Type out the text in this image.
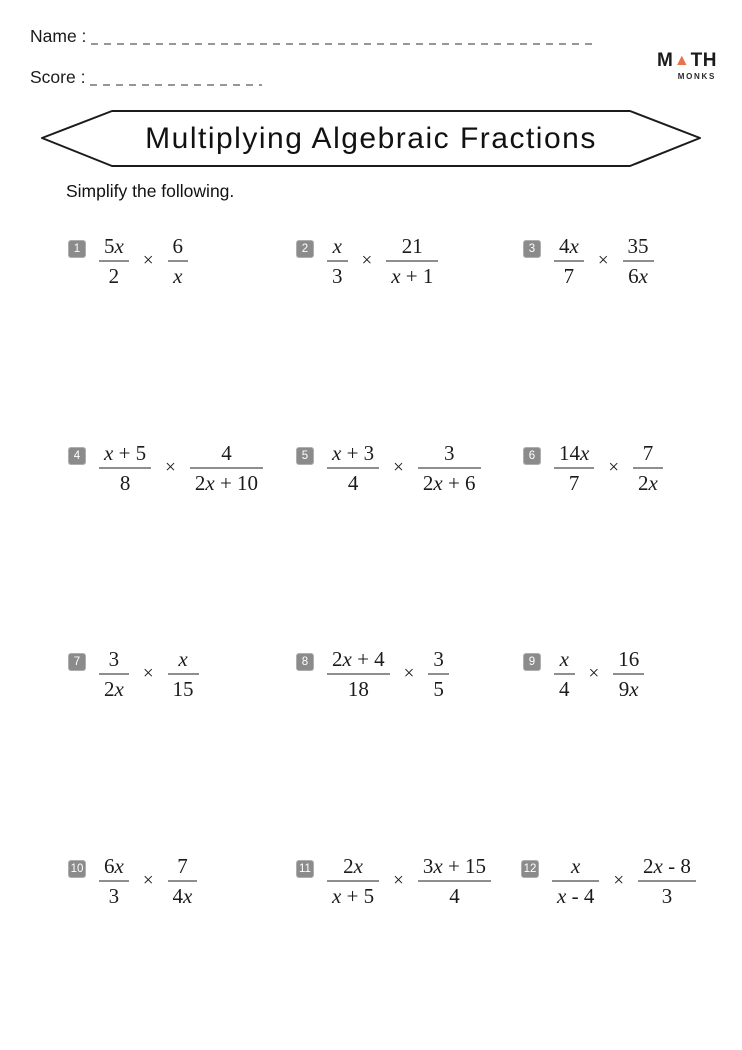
Name :
Score :
M ▲ TH
MONKS
Multiplying Algebraic Fractions
Simplify the following.
$1 \frac{5x}{2} \times \frac{6}{x}$	$2 \frac{x}{3} \times \frac{21}{x + 1}$	$3 \frac{4x}{7} \times \frac{35}{6x}$
$4 \frac{x + 5}{8} \times \frac{4}{2x + 10}$	$5 \frac{x + 3}{4} \times \frac{3}{2x + 6}$	$6 \frac{14x}{7} \times \frac{7}{2x}$
$7 \frac{3}{2x} \times \frac{x}{15}$	$8 \frac{2x + 4}{18} \times \frac{3}{5}$	$9 \frac{x}{4} \times \frac{16}{9x}$
$10 \frac{6x}{3} \times \frac{7}{4x}$	$11 \frac{2x}{x + 5} \times \frac{3x + 15}{4}$	$12 \frac{x}{x - 4} \times \frac{2x - 8}{3}$
